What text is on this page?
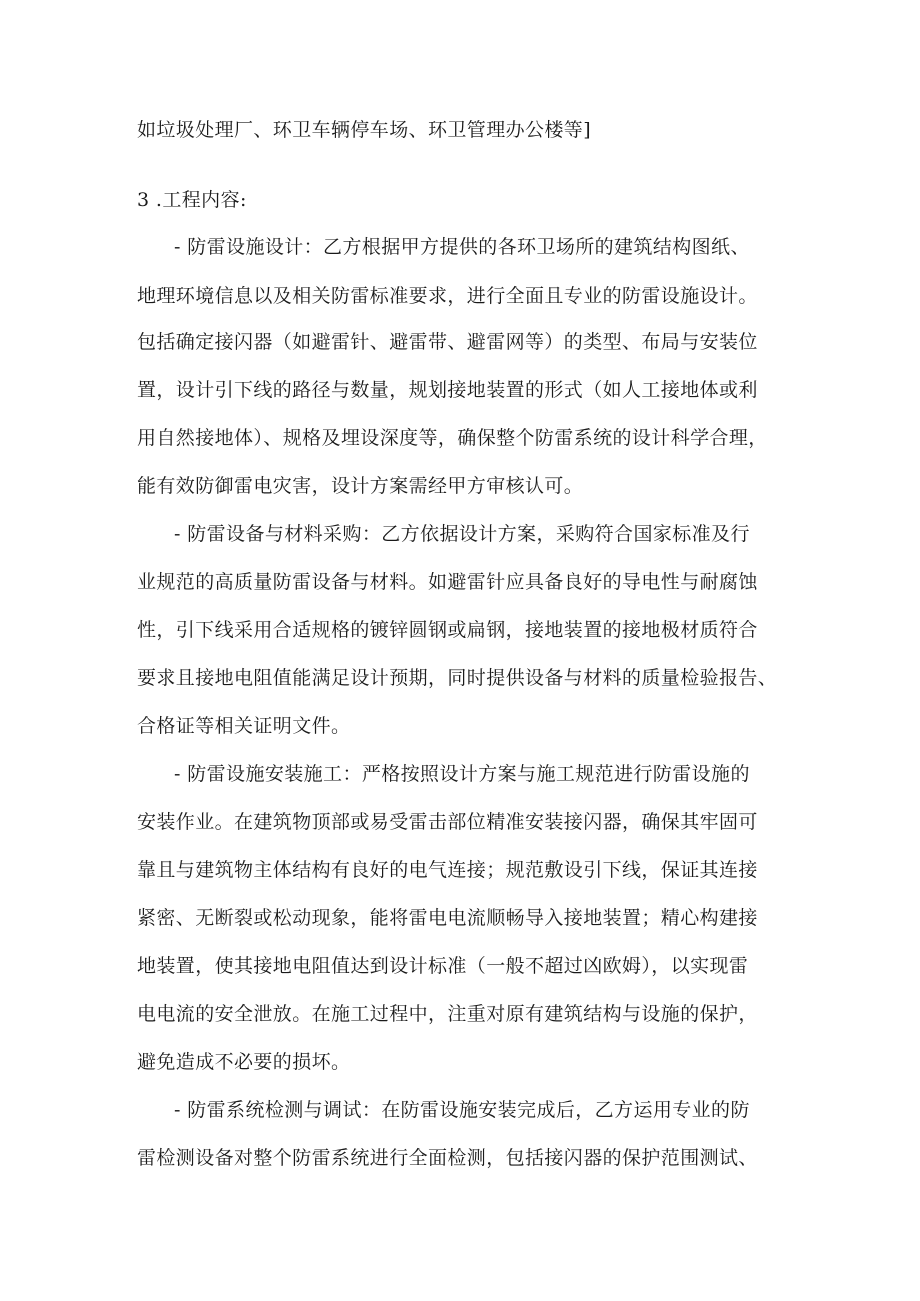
如垃圾处理厂、环卫车辆停车场、环卫管理办公楼等]
3 .工程内容:
- 防雷设施设计：乙方根据甲方提供的各环卫场所的建筑结构图纸、
地理环境信息以及相关防雷标准要求，进行全面且专业的防雷设施设计。
包括确定接闪器（如避雷针、避雷带、避雷网等）的类型、布局与安装位
置，设计引下线的路径与数量，规划接地装置的形式（如人工接地体或利
用自然接地体）、规格及埋设深度等，确保整个防雷系统的设计科学合理，
能有效防御雷电灾害，设计方案需经甲方审核认可。
- 防雷设备与材料采购：乙方依据设计方案，采购符合国家标准及行
业规范的高质量防雷设备与材料。如避雷针应具备良好的导电性与耐腐蚀
性，引下线采用合适规格的镀锌圆钢或扁钢，接地装置的接地极材质符合
要求且接地电阻值能满足设计预期，同时提供设备与材料的质量检验报告、
合格证等相关证明文件。
- 防雷设施安装施工：严格按照设计方案与施工规范进行防雷设施的
安装作业。在建筑物顶部或易受雷击部位精准安装接闪器，确保其牢固可
靠且与建筑物主体结构有良好的电气连接；规范敷设引下线，保证其连接
紧密、无断裂或松动现象，能将雷电电流顺畅导入接地装置；精心构建接
地装置，使其接地电阻值达到设计标准（一般不超过凶欧姆），以实现雷
电电流的安全泄放。在施工过程中，注重对原有建筑结构与设施的保护，
避免造成不必要的损坏。
- 防雷系统检测与调试：在防雷设施安装完成后，乙方运用专业的防
雷检测设备对整个防雷系统进行全面检测，包括接闪器的保护范围测试、
